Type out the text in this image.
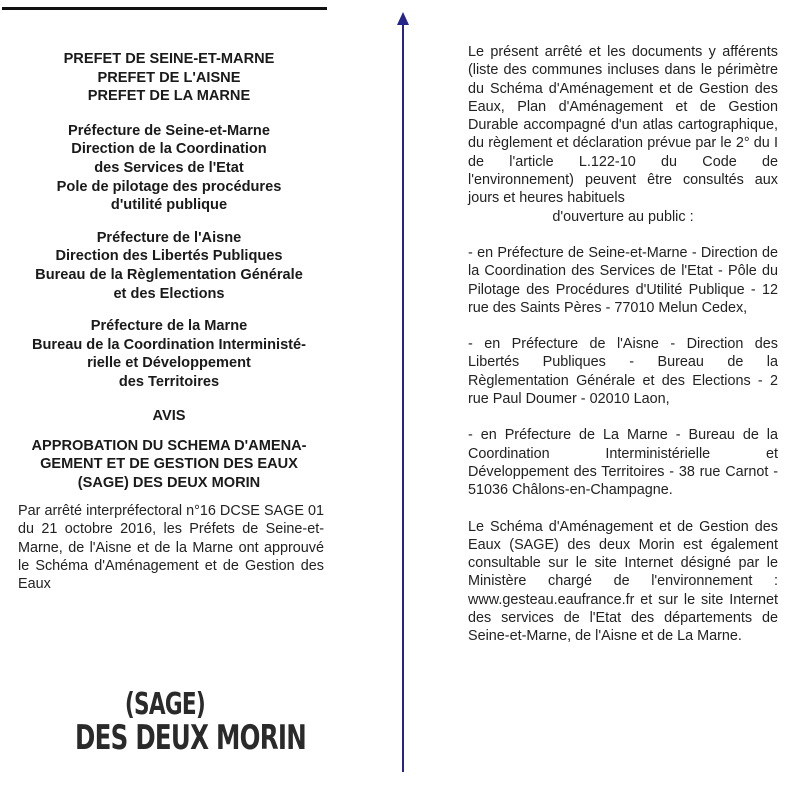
PREFET DE SEINE-ET-MARNE
PREFET DE L'AISNE
PREFET DE LA MARNE
Préfecture de Seine-et-Marne
Direction de la Coordination
des Services de l'Etat
Pole de pilotage des procédures
d'utilité publique
Préfecture de l'Aisne
Direction des Libertés Publiques
Bureau de la Règlementation Générale
et des Elections
Préfecture de la Marne
Bureau de la Coordination Interministé-
rielle et Développement
des Territoires
AVIS
APPROBATION DU SCHEMA D'AMENA-
GEMENT ET DE GESTION DES EAUX
(SAGE) DES DEUX MORIN
Par arrêté interpréfectoral n°16 DCSE SAGE 01 du 21 octobre 2016, les Préfets de Seine-et-Marne, de l'Aisne et de la Marne ont approuvé le Schéma d'Aménagement et de Gestion des Eaux
(SAGE)
DES DEUX MORIN

Le présent arrêté et les documents y afférents (liste des communes incluses dans le périmètre du Schéma d'Aménagement et de Gestion des Eaux, Plan d'Aménagement et de Gestion Durable accompagné d'un atlas cartographique, du règlement et déclaration prévue par le 2° du I de l'article L.122-10 du Code de l'environnement) peuvent être consultés aux jours et heures habituels

d'ouverture au public :

- en Préfecture de Seine-et-Marne - Direction de la Coordination des Services de l'Etat - Pôle du Pilotage des Procédures d'Utilité Publique - 12 rue des Saints Pères - 77010 Melun Cedex,

- en Préfecture de l'Aisne - Direction des Libertés Publiques - Bureau de la Règlementation Générale et des Elections - 2 rue Paul Doumer - 02010 Laon,

- en Préfecture de La Marne - Bureau de la Coordination Interministérielle et Développement des Territoires - 38 rue Carnot - 51036 Châlons-en-Champagne.

Le Schéma d'Aménagement et de Gestion des Eaux (SAGE) des deux Morin est également consultable sur le site Internet désigné par le Ministère chargé de l'environnement : www.gesteau.eaufrance.fr et sur le site Internet des services de l'Etat des départements de Seine-et-Marne, de l'Aisne et de La Marne.
